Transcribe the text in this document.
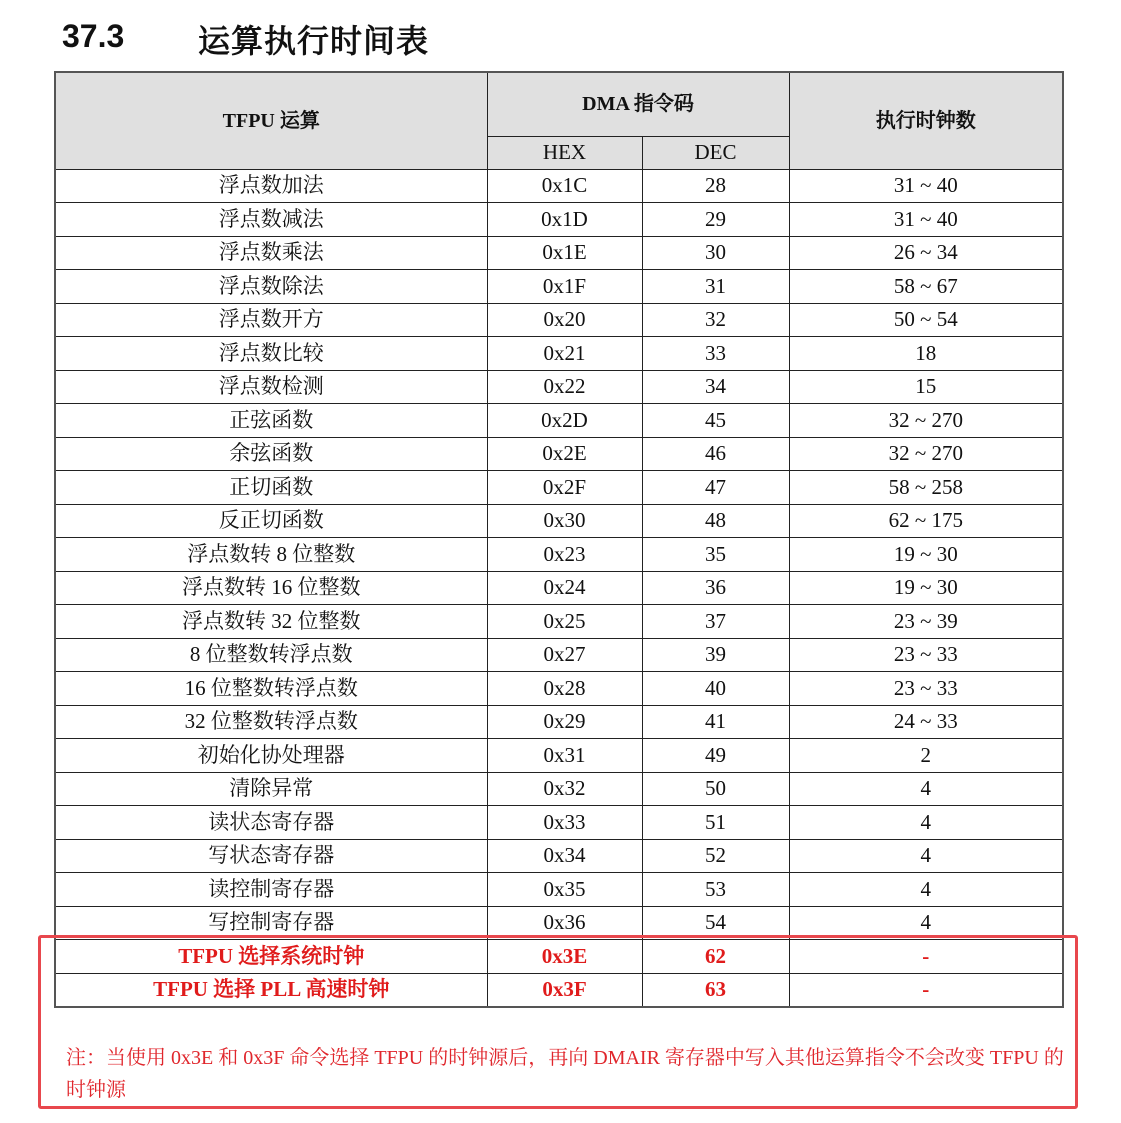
37.3 运算执行时间表
TFPU 运算	DMA 指令码		执行时钟数
	HEX	DEC	
浮点数加法	0x1C	28	31 ~ 40
浮点数减法	0x1D	29	31 ~ 40
浮点数乘法	0x1E	30	26 ~ 34
浮点数除法	0x1F	31	58 ~ 67
浮点数开方	0x20	32	50 ~ 54
浮点数比较	0x21	33	18
浮点数检测	0x22	34	15
正弦函数	0x2D	45	32 ~ 270
余弦函数	0x2E	46	32 ~ 270
正切函数	0x2F	47	58 ~ 258
反正切函数	0x30	48	62 ~ 175
浮点数转 8 位整数	0x23	35	19 ~ 30
浮点数转 16 位整数	0x24	36	19 ~ 30
浮点数转 32 位整数	0x25	37	23 ~ 39
8 位整数转浮点数	0x27	39	23 ~ 33
16 位整数转浮点数	0x28	40	23 ~ 33
32 位整数转浮点数	0x29	41	24 ~ 33
初始化协处理器	0x31	49	2
清除异常	0x32	50	4
读状态寄存器	0x33	51	4
写状态寄存器	0x34	52	4
读控制寄存器	0x35	53	4
写控制寄存器	0x36	54	4
TFPU 选择系统时钟	0x3E	62	-
TFPU 选择 PLL 高速时钟	0x3F	63	-
注：当使用 0x3E 和 0x3F 命令选择 TFPU 的时钟源后，再向 DMAIR 寄存器中写入其他运算指令不会改变 TFPU 的时钟源
